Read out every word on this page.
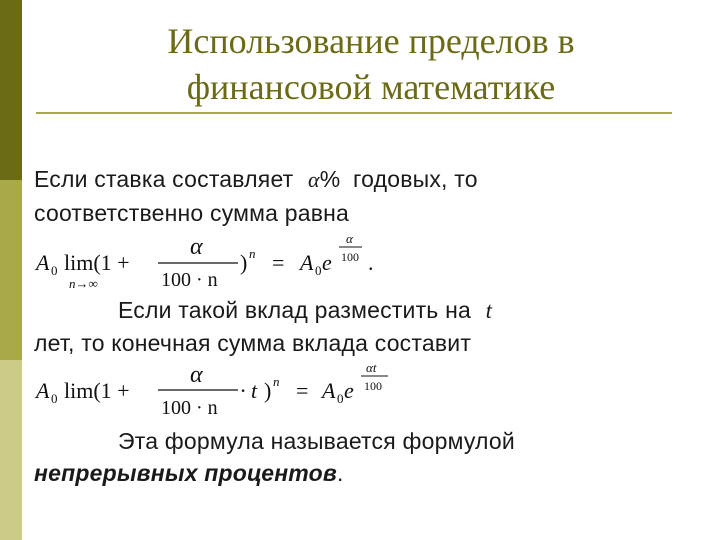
Использование пределов в
финансовой математике
Если ставка составляет α% годовых, то
соответственно сумма равна
A 0 lim(1 +
n→∞
α
100 · n
) n = A 0 e
α
100 .
Если такой вклад разместить на t
лет, то конечная сумма вклада составит
A 0 lim(1 +
α
100 · n
· t ) n = A 0 e
αt
100
Эта формула называется формулой
непрерывных процентов.
